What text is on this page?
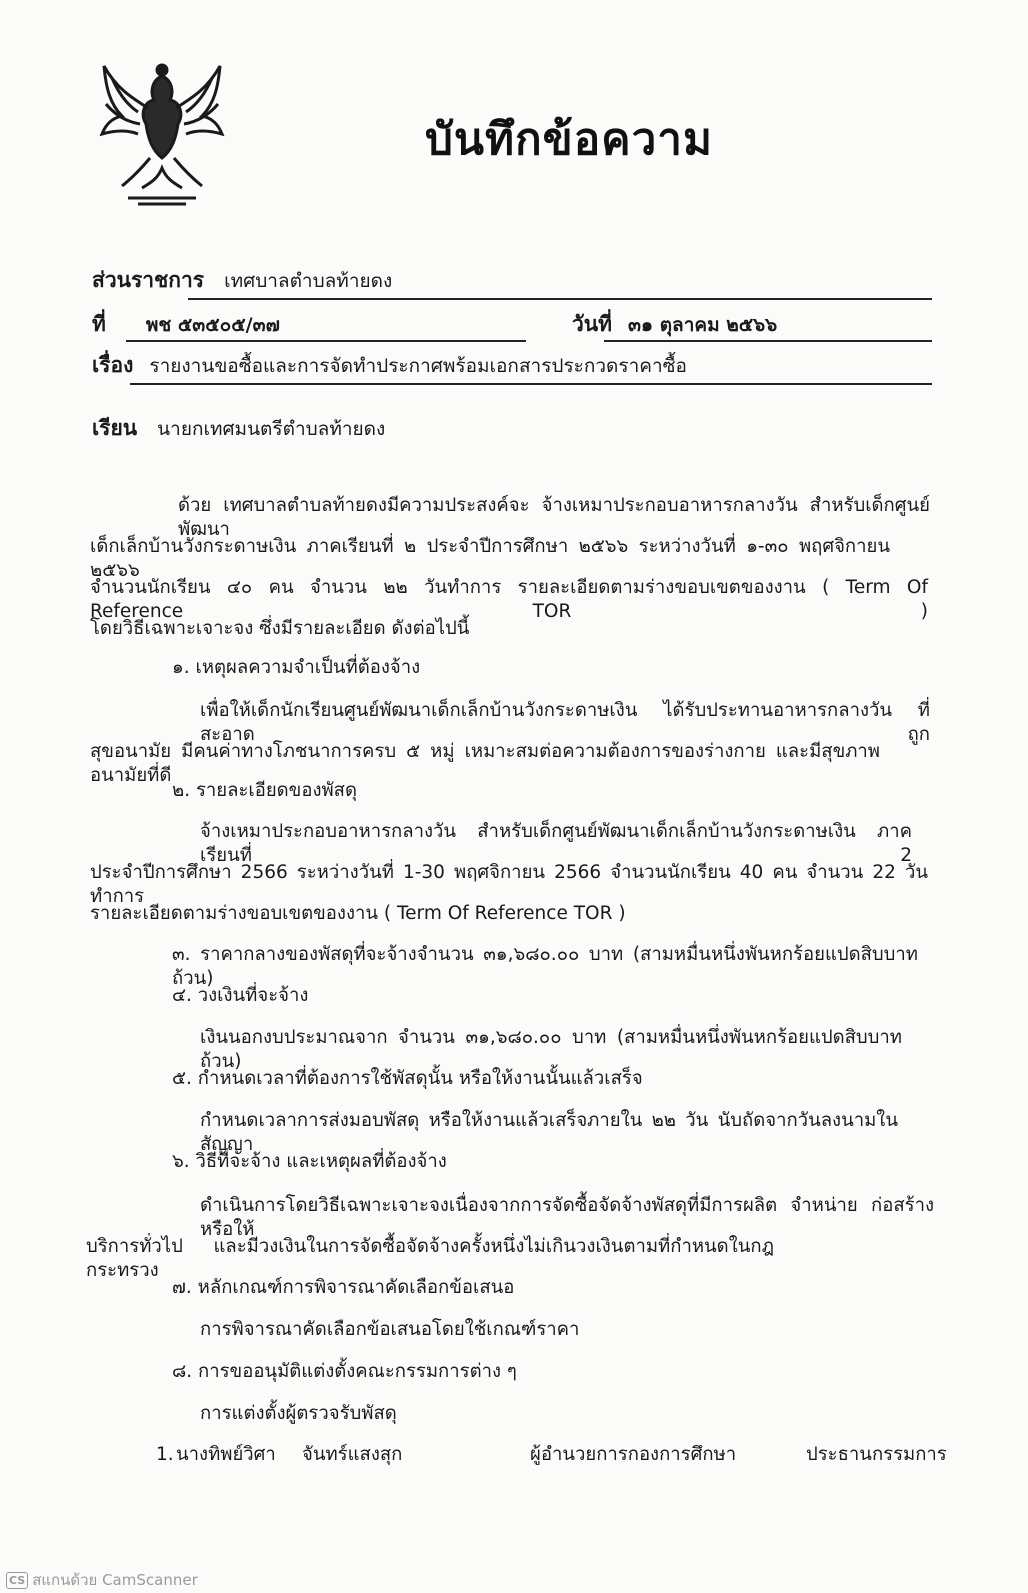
บันทึกข้อความ
ส่วนราชการ เทศบาลตำบลท้ายดง
ที่ พช ๕๓๕๐๕/๓๗	วันที่ ๓๑ ตุลาคม ๒๕๖๖
เรื่อง รายงานขอซื้อและการจัดทำประกาศพร้อมเอกสารประกวดราคาซื้อ
เรียน นายกเทศมนตรีตำบลท้ายดง
ด้วย เทศบาลตำบลท้ายดงมีความประสงค์จะ จ้างเหมาประกอบอาหารกลางวัน สำหรับเด็กศูนย์พัฒนา
เด็กเล็กบ้านวังกระดาษเงิน ภาคเรียนที่ ๒ ประจำปีการศึกษา ๒๕๖๖ ระหว่างวันที่ ๑-๓๐ พฤศจิกายน ๒๕๖๖
จำนวนนักเรียน ๔๐ คน จำนวน ๒๒ วันทำการ รายละเอียดตามร่างขอบเขตของงาน ( Term Of Reference TOR )
โดยวิธีเฉพาะเจาะจง ซึ่งมีรายละเอียด ดังต่อไปนี้
๑. เหตุผลความจำเป็นที่ต้องจ้าง
เพื่อให้เด็กนักเรียนศูนย์พัฒนาเด็กเล็กบ้านวังกระดาษเงิน ได้รับประทานอาหารกลางวัน ที่สะอาด ถูก
สุขอนามัย มีคนค่าทางโภชนาการครบ ๕ หมู่ เหมาะสมต่อความต้องการของร่างกาย และมีสุขภาพอนามัยที่ดี
๒. รายละเอียดของพัสดุ
จ้างเหมาประกอบอาหารกลางวัน สำหรับเด็กศูนย์พัฒนาเด็กเล็กบ้านวังกระดาษเงิน ภาคเรียนที่ 2
ประจำปีการศึกษา 2566 ระหว่างวันที่ 1-30 พฤศจิกายน 2566 จำนวนนักเรียน 40 คน จำนวน 22 วันทำการ
รายละเอียดตามร่างขอบเขตของงาน ( Term Of Reference TOR )
๓. ราคากลางของพัสดุที่จะจ้างจำนวน ๓๑,๖๘๐.๐๐ บาท (สามหมื่นหนึ่งพันหกร้อยแปดสิบบาทถ้วน)
๔. วงเงินที่จะจ้าง
เงินนอกงบประมาณจาก จำนวน ๓๑,๖๘๐.๐๐ บาท (สามหมื่นหนึ่งพันหกร้อยแปดสิบบาทถ้วน)
๕. กำหนดเวลาที่ต้องการใช้พัสดุนั้น หรือให้งานนั้นแล้วเสร็จ
กำหนดเวลาการส่งมอบพัสดุ หรือให้งานแล้วเสร็จภายใน ๒๒ วัน นับถัดจากวันลงนามในสัญญา
๖. วิธีที่จะจ้าง และเหตุผลที่ต้องจ้าง
ดำเนินการโดยวิธีเฉพาะเจาะจงเนื่องจากการจัดซื้อจัดจ้างพัสดุที่มีการผลิต จำหน่าย ก่อสร้าง หรือให้
บริการทั่วไป และมีวงเงินในการจัดซื้อจัดจ้างครั้งหนึ่งไม่เกินวงเงินตามที่กำหนดในกฎกระทรวง
๗. หลักเกณฑ์การพิจารณาคัดเลือกข้อเสนอ
การพิจารณาคัดเลือกข้อเสนอโดยใช้เกณฑ์ราคา
๘. การขออนุมัติแต่งตั้งคณะกรรมการต่าง ๆ
การแต่งตั้งผู้ตรวจรับพัสดุ
1. นางทิพย์วิศา จันทร์แสงสุก	ผู้อำนวยการกองการศึกษา	ประธานกรรมการ
CS สแกนด้วย CamScanner
